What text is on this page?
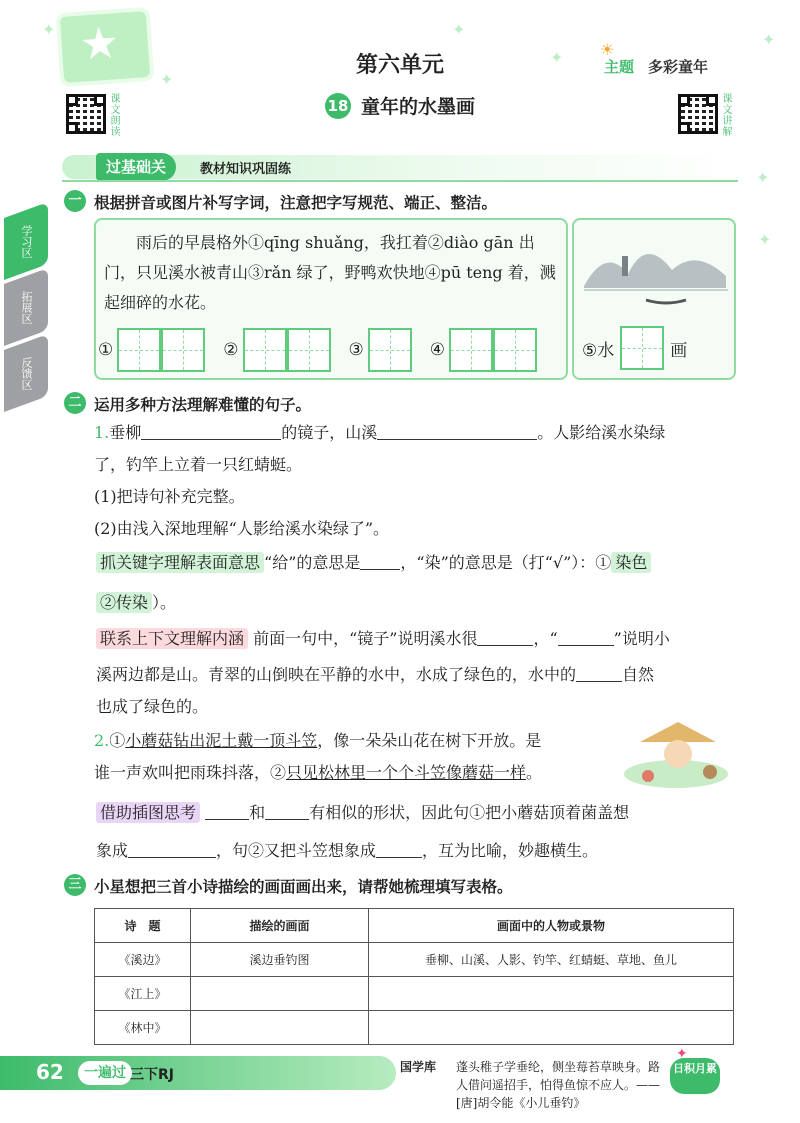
★
✦
✦
✦
✦
✦
✦
✦
课文朗读
课文讲解
第六单元
18 童年的水墨画
☀
主题 多彩童年
过基础关	教材知识巩固练
学习区
拓展区
反馈区
一 根据拼音或图片补写字词，注意把字写规范、端正、整洁。
雨后的早晨格外①qīng shuǎng，我扛着②diào gān 出门，只见溪水被青山③rǎn 绿了，野鸭欢快地④pū teng 着，溅起细碎的水花。
①	②	③	④	⑤水	画
二 运用多种方法理解难懂的句子。
1.垂柳	的镜子，山溪	。人影给溪水染绿
了，钓竿上立着一只红蜻蜓。
(1)把诗句补充完整。
(2)由浅入深地理解“人影给溪水染绿了”。
抓关键字理解表面意思 “给”的意思是	，“染”的意思是（打“√”）：① 染色
②传染 ）。
联系上下文理解内涵 前面一句中，“镜子”说明溪水很	，“	”说明小
溪两边都是山。青翠的山倒映在平静的水中，水成了绿色的，水中的	自然
也成了绿色的。
2.①小蘑菇钻出泥土戴一顶斗笠，像一朵朵山花在树下开放。是
谁一声欢叫把雨珠抖落，②只见松林里一个个斗笠像蘑菇一样。
借助插图思考	和	有相似的形状，因此句①把小蘑菇顶着菌盖想
象成	，句②又把斗笠想象成	，互为比喻，妙趣横生。
三 小星想把三首小诗描绘的画面画出来，请帮她梳理填写表格。
诗　题	描绘的画面	画面中的人物或景物
《溪边》	溪边垂钓图	垂柳、山溪、人影、钓竿、红蜻蜓、草地、鱼儿
《江上》		
《林中》		
62	一遍过 三下RJ	国学库 蓬头稚子学垂纶，侧坐莓苔草映身。路人借问遥招手，怕得鱼惊不应人。——[唐]胡令能《小儿垂钓》
日积月累
✦
